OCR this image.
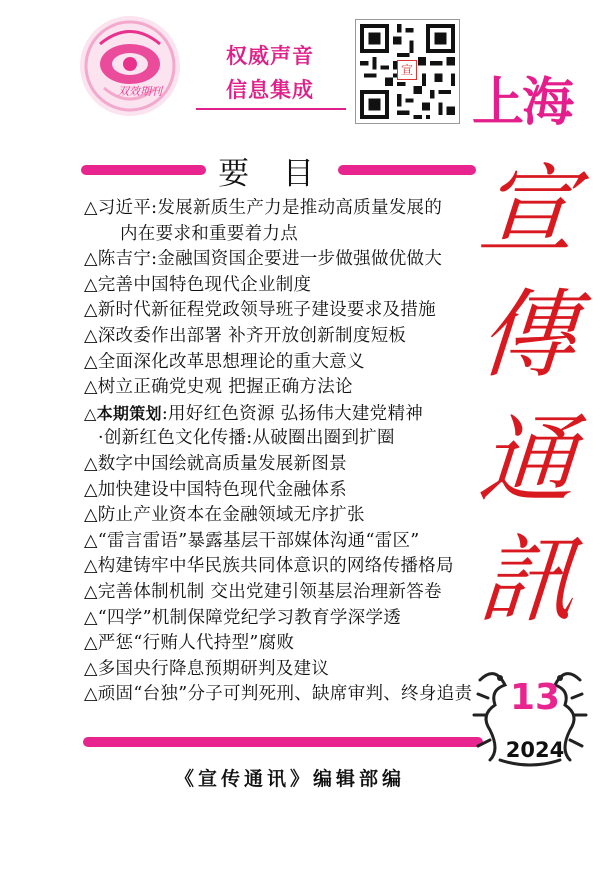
双效期刊
权威声音
信息集成
宣
上海
要 目
△习近平:发展新质生产力是推动高质量发展的
内在要求和重要着力点
△陈吉宁:金融国资国企要进一步做强做优做大
△完善中国特色现代企业制度
△新时代新征程党政领导班子建设要求及措施
△深改委作出部署 补齐开放创新制度短板
△全面深化改革思想理论的重大意义
△树立正确党史观 把握正确方法论
△本期策划:用好红色资源 弘扬伟大建党精神
·创新红色文化传播:从破圈出圈到扩圈
△数字中国绘就高质量发展新图景
△加快建设中国特色现代金融体系
△防止产业资本在金融领域无序扩张
△“雷言雷语”暴露基层干部媒体沟通“雷区”
△构建铸牢中华民族共同体意识的网络传播格局
△完善体制机制 交出党建引领基层治理新答卷
△“四学”机制保障党纪学习教育学深学透
△严惩“行贿人代持型”腐败
△多国央行降息预期研判及建议
△顽固“台独”分子可判死刑、缺席审判、终身追责
《宣传通讯》编辑部编
宣
傳
通
訊
13
2024
